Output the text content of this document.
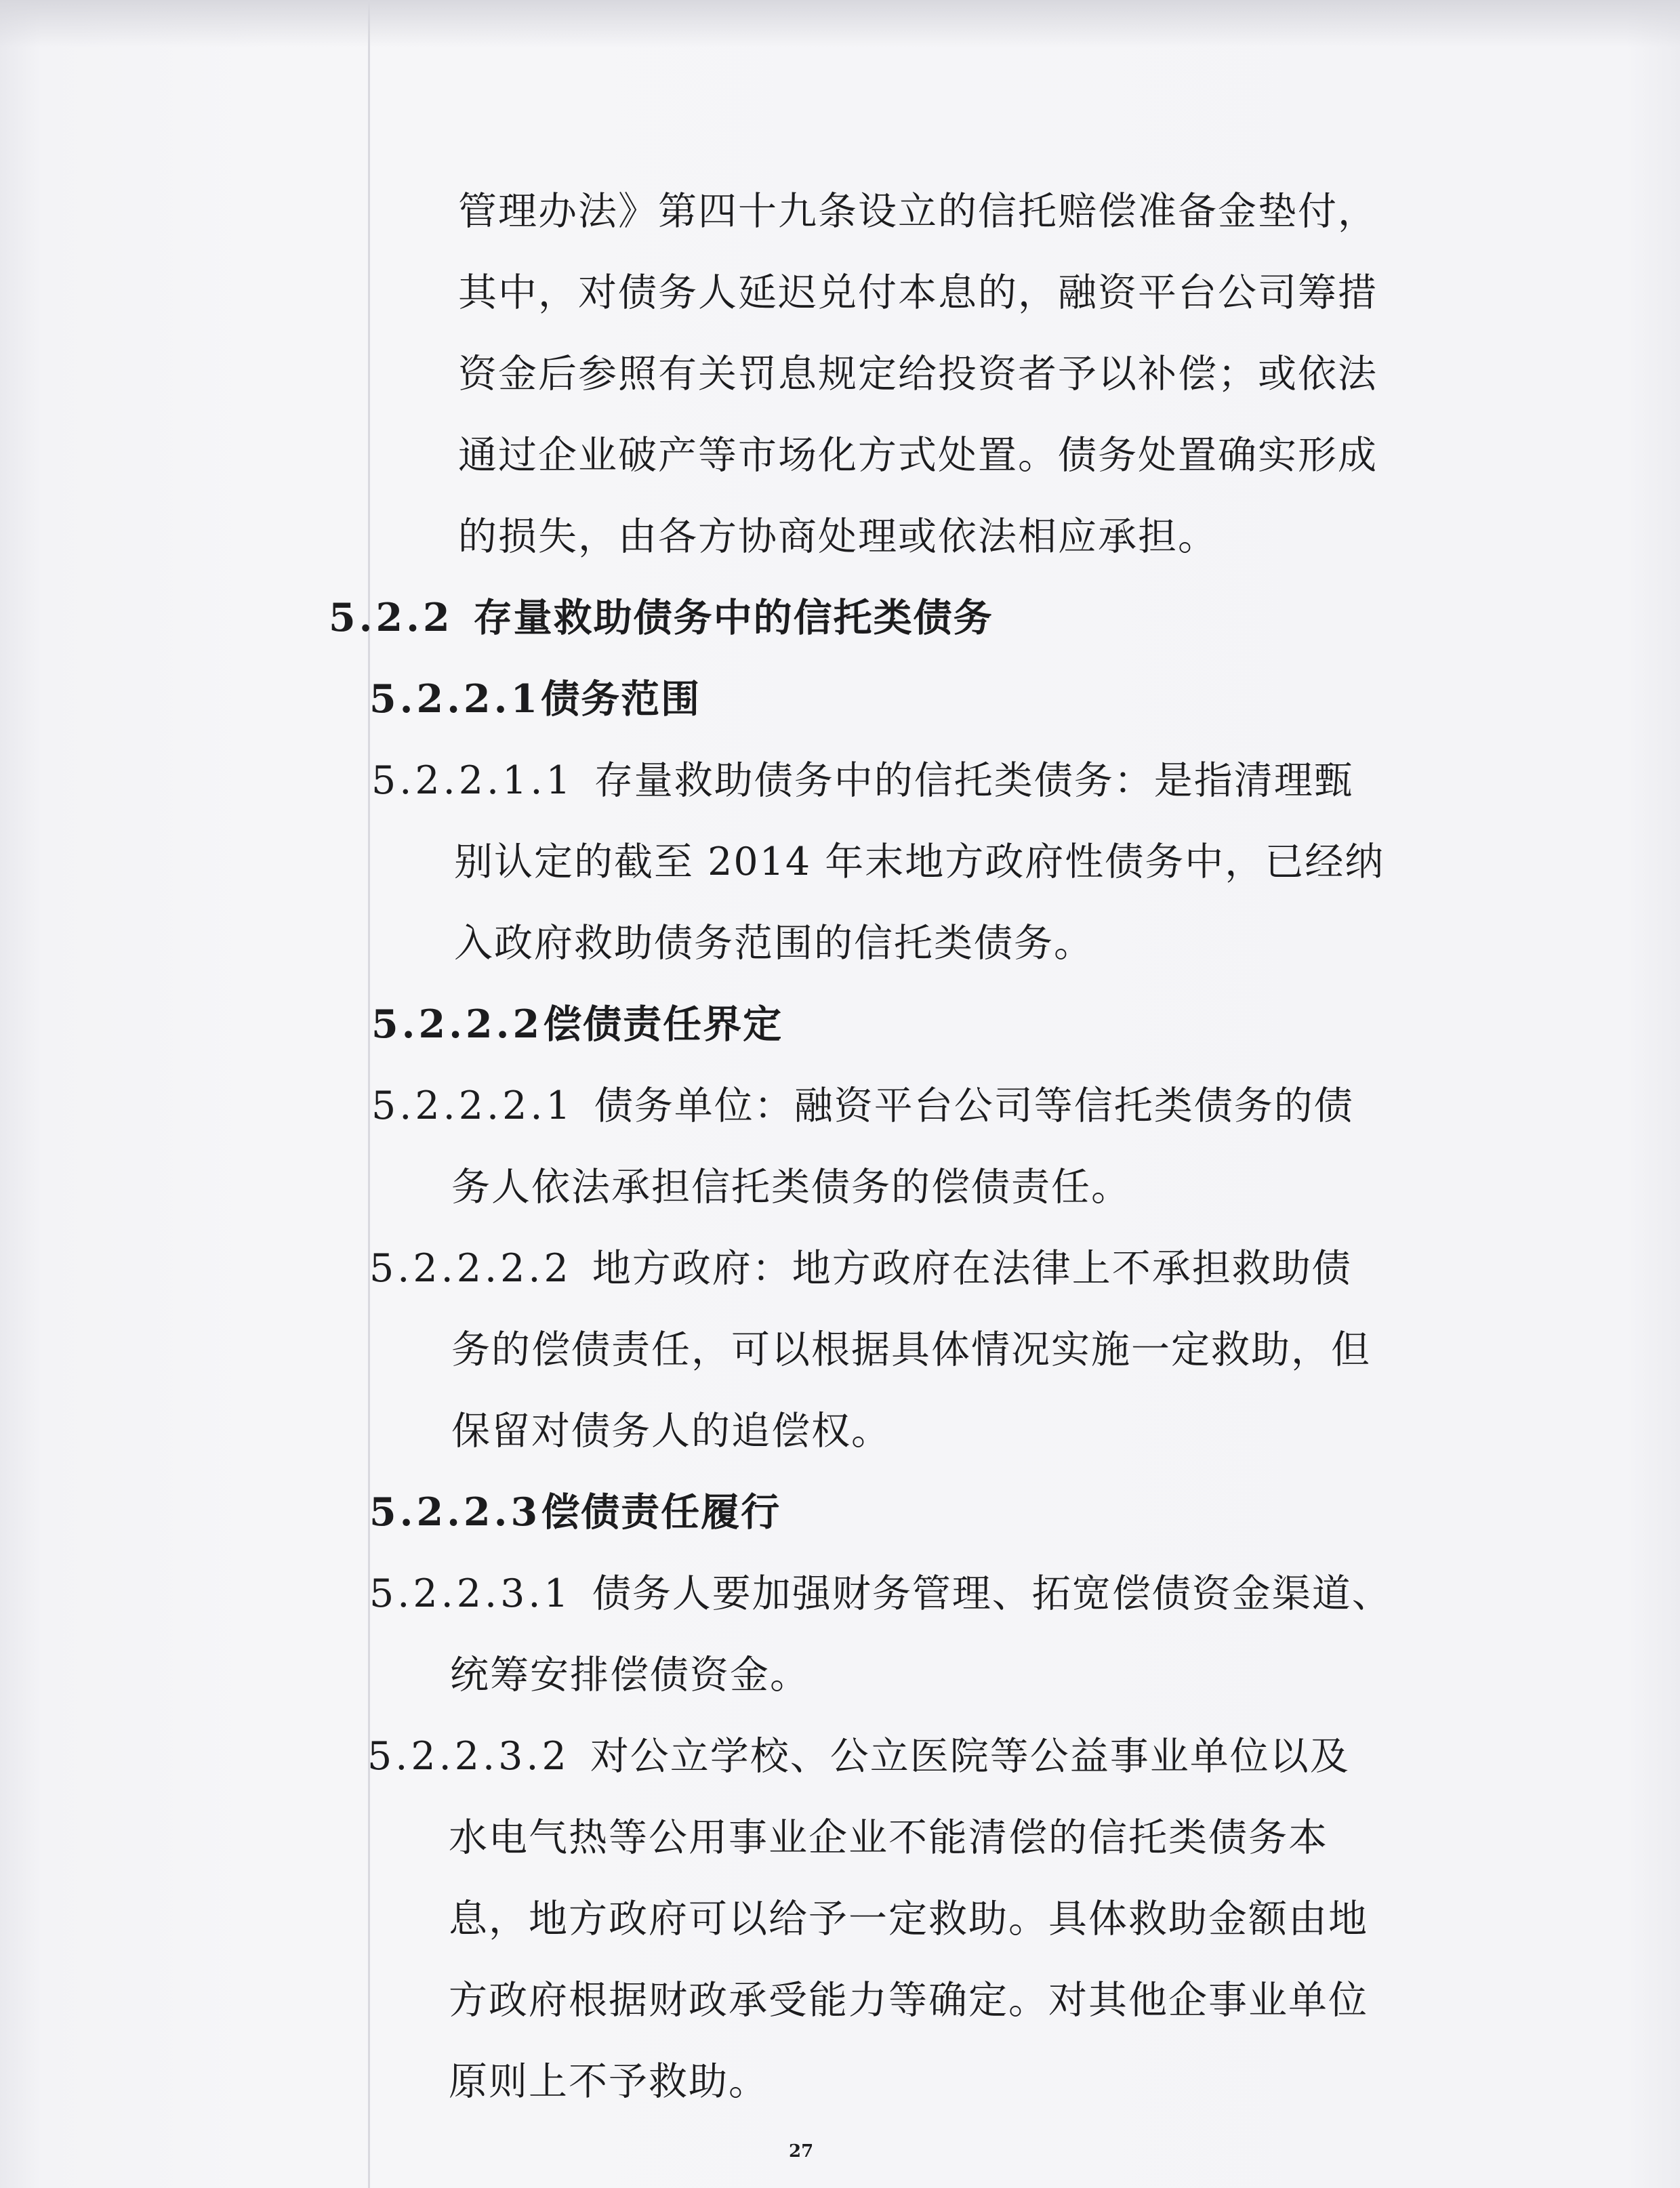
管理办法》第四十九条设立的信托赔偿准备金垫付，
其中，对债务人延迟兑付本息的，融资平台公司筹措
资金后参照有关罚息规定给投资者予以补偿；或依法
通过企业破产等市场化方式处置。债务处置确实形成
的损失，由各方协商处理或依法相应承担。
5.2.2 存量救助债务中的信托类债务
5.2.2.1债务范围
5.2.2.1.1 存量救助债务中的信托类债务：是指清理甄
别认定的截至 2014 年末地方政府性债务中，已经纳
入政府救助债务范围的信托类债务。
5.2.2.2偿债责任界定
5.2.2.2.1 债务单位：融资平台公司等信托类债务的债
务人依法承担信托类债务的偿债责任。
5.2.2.2.2 地方政府：地方政府在法律上不承担救助债
务的偿债责任，可以根据具体情况实施一定救助，但
保留对债务人的追偿权。
5.2.2.3偿债责任履行
5.2.2.3.1 债务人要加强财务管理、拓宽偿债资金渠道、
统筹安排偿债资金。
5.2.2.3.2 对公立学校、公立医院等公益事业单位以及
水电气热等公用事业企业不能清偿的信托类债务本
息，地方政府可以给予一定救助。具体救助金额由地
方政府根据财政承受能力等确定。对其他企事业单位
原则上不予救助。
27
